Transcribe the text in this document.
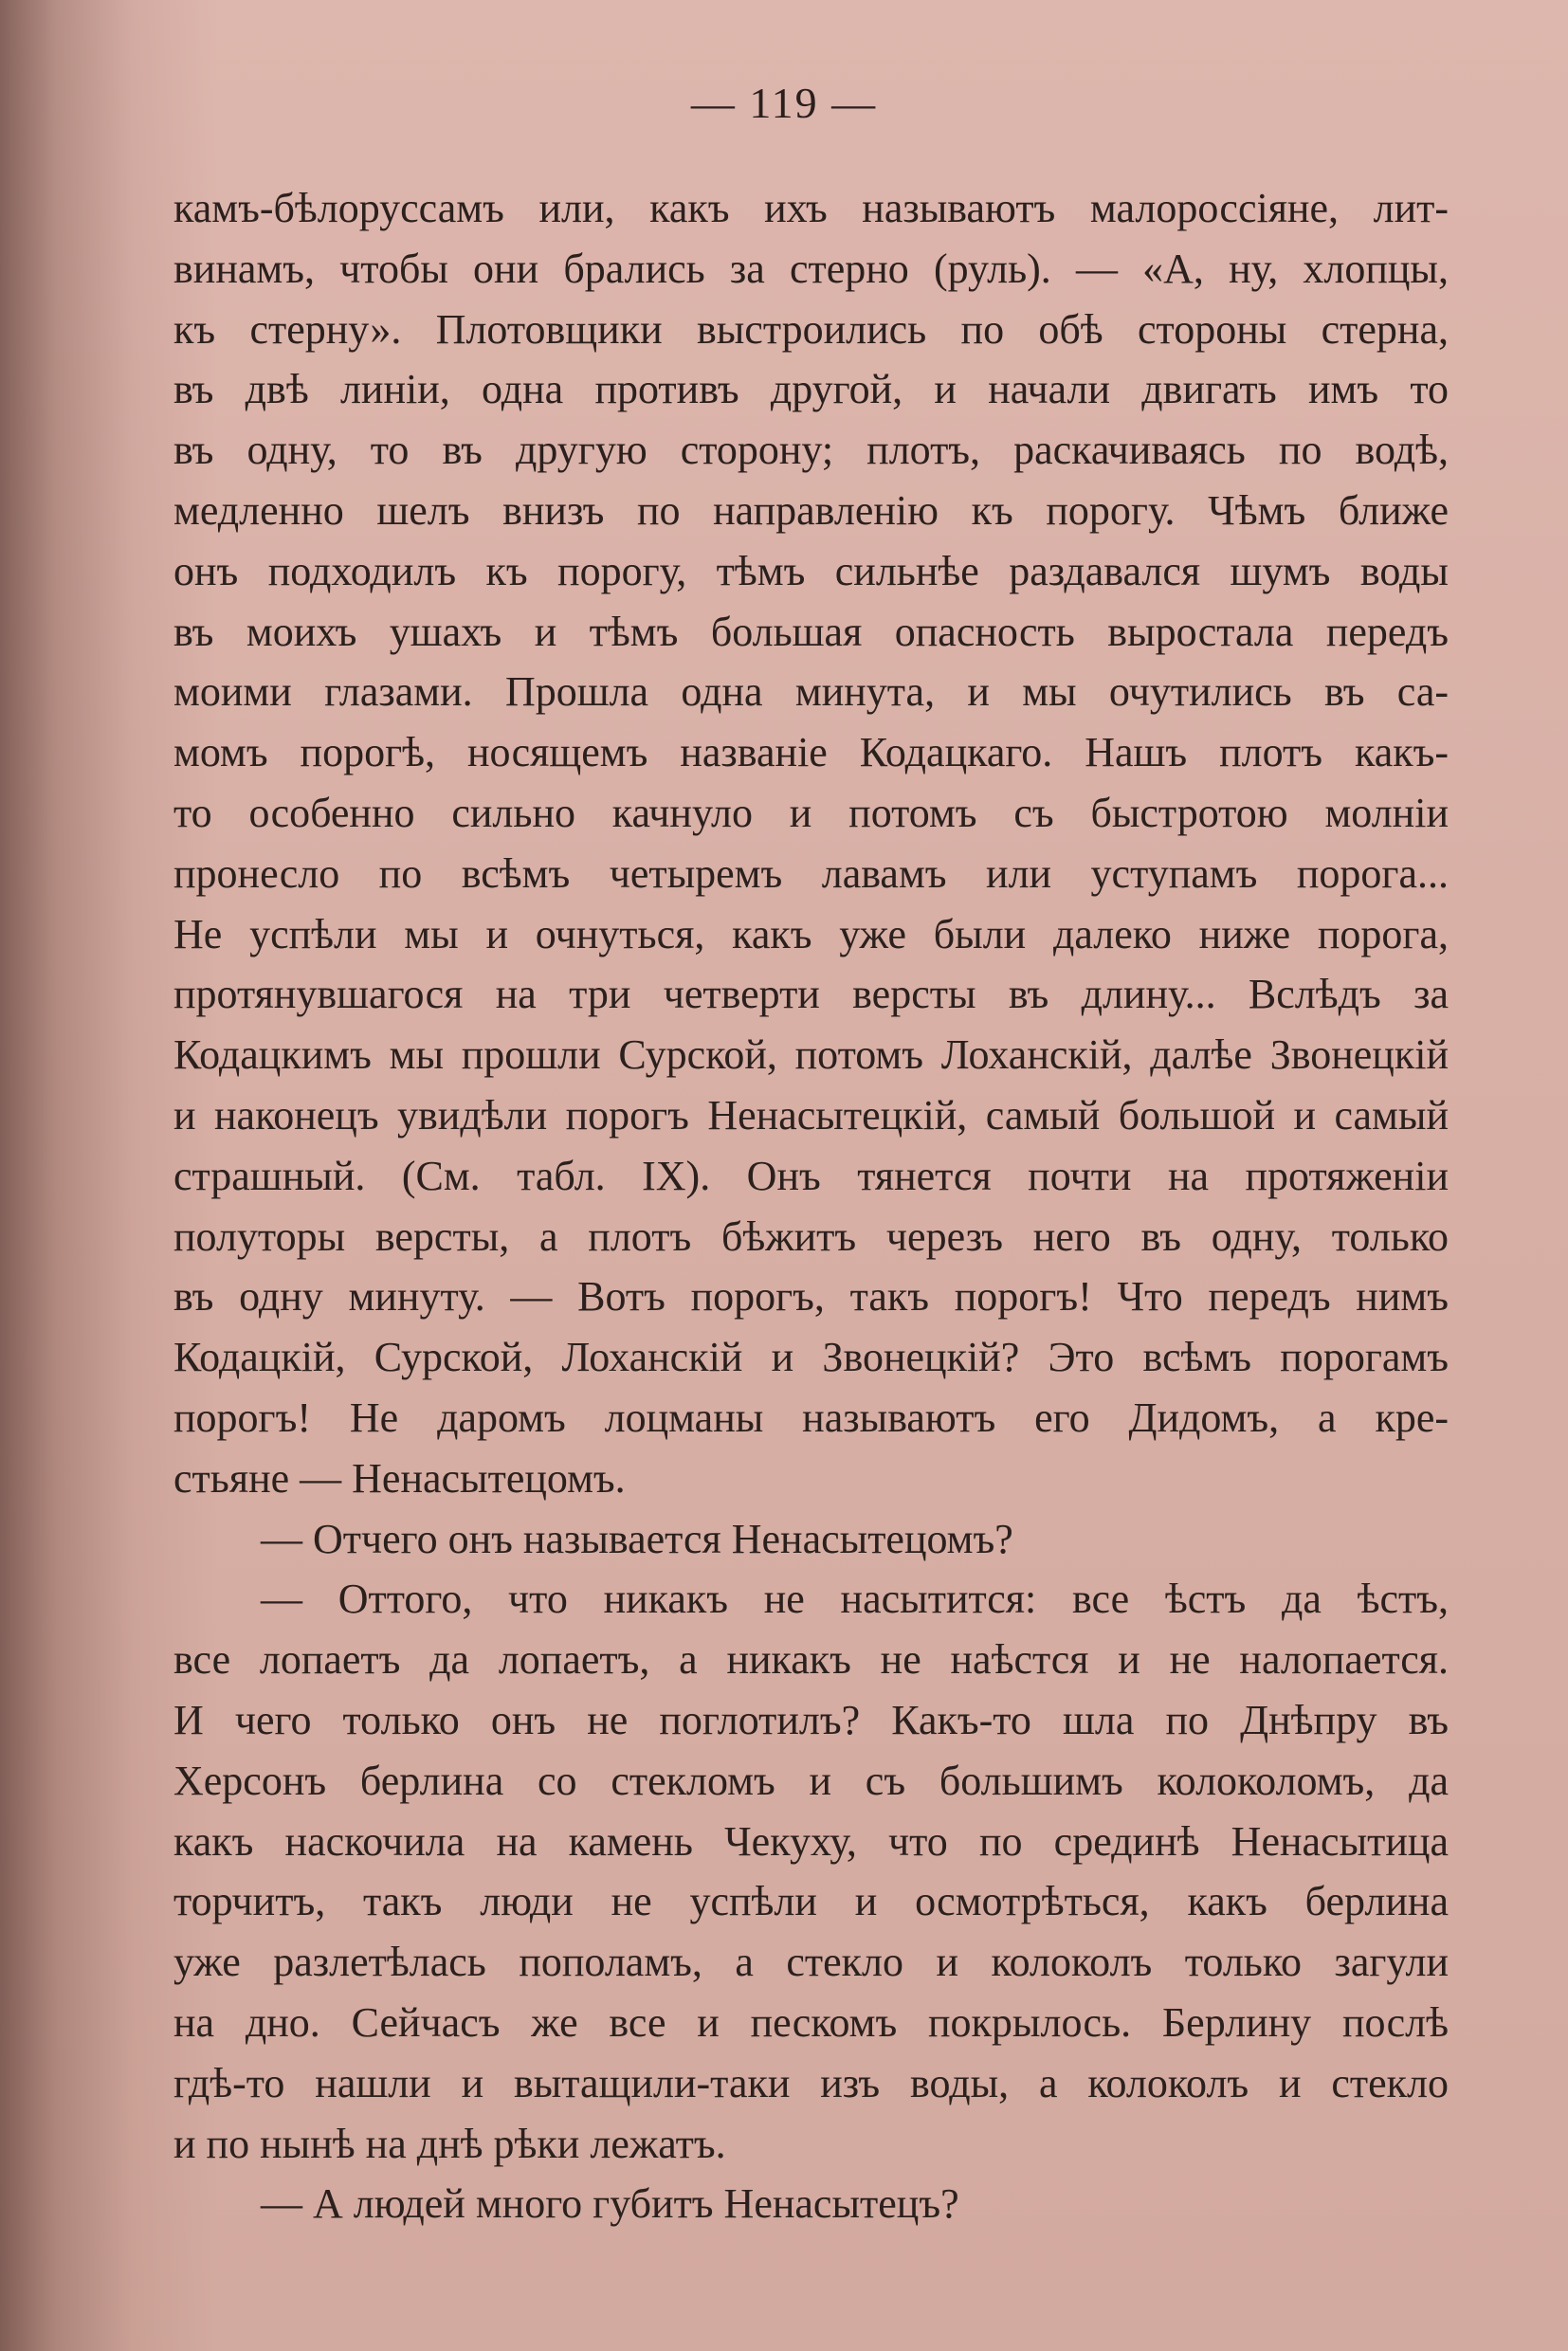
— 119 —
камъ-бѣлоруссамъ или, какъ ихъ называютъ малороссіяне, лит-
винамъ, чтобы они брались за стерно (руль). — «А, ну, хлопцы,
къ стерну». Плотовщики выстроились по обѣ стороны стерна,
въ двѣ линіи, одна противъ другой, и начали двигать имъ то
въ одну, то въ другую сторону; плотъ, раскачиваясь по водѣ,
медленно шелъ внизъ по направленію къ порогу. Чѣмъ ближе
онъ подходилъ къ порогу, тѣмъ сильнѣе раздавался шумъ воды
въ моихъ ушахъ и тѣмъ большая опасность выростала передъ
моими глазами. Прошла одна минута, и мы очутились въ са-
момъ порогѣ, носящемъ названіе Кодацкаго. Нашъ плотъ какъ-
то особенно сильно качнуло и потомъ съ быстротою молніи
пронесло по всѣмъ четыремъ лавамъ или уступамъ порога...
Не успѣли мы и очнуться, какъ уже были далеко ниже порога,
протянувшагося на три четверти версты въ длину... Вслѣдъ за
Кодацкимъ мы прошли Сурской, потомъ Лоханскій, далѣе Звонецкій
и наконецъ увидѣли порогъ Ненасытецкій, самый большой и самый
страшный. (См. табл. IX). Онъ тянется почти на протяженіи
полуторы версты, а плотъ бѣжитъ черезъ него въ одну, только
въ одну минуту. — Вотъ порогъ, такъ порогъ! Что передъ нимъ
Кодацкій, Сурской, Лоханскій и Звонецкій? Это всѣмъ порогамъ
порогъ! Не даромъ лоцманы называютъ его Дидомъ, а кре-
стьяне — Ненасытецомъ.
— Отчего онъ называется Ненасытецомъ?
— Оттого, что никакъ не насытится: все ѣстъ да ѣстъ,
все лопаетъ да лопаетъ, а никакъ не наѣстся и не налопается.
И чего только онъ не поглотилъ? Какъ-то шла по Днѣпру въ
Херсонъ берлина со стекломъ и съ большимъ колоколомъ, да
какъ наскочила на камень Чекуху, что по срединѣ Ненасытица
торчитъ, такъ люди не успѣли и осмотрѣться, какъ берлина
уже разлетѣлась пополамъ, а стекло и колоколъ только загули
на дно. Сейчасъ же все и пескомъ покрылось. Берлину послѣ
гдѣ-то нашли и вытащили-таки изъ воды, а колоколъ и стекло
и по нынѣ на днѣ рѣки лежатъ.
— А людей много губитъ Ненасытецъ?
